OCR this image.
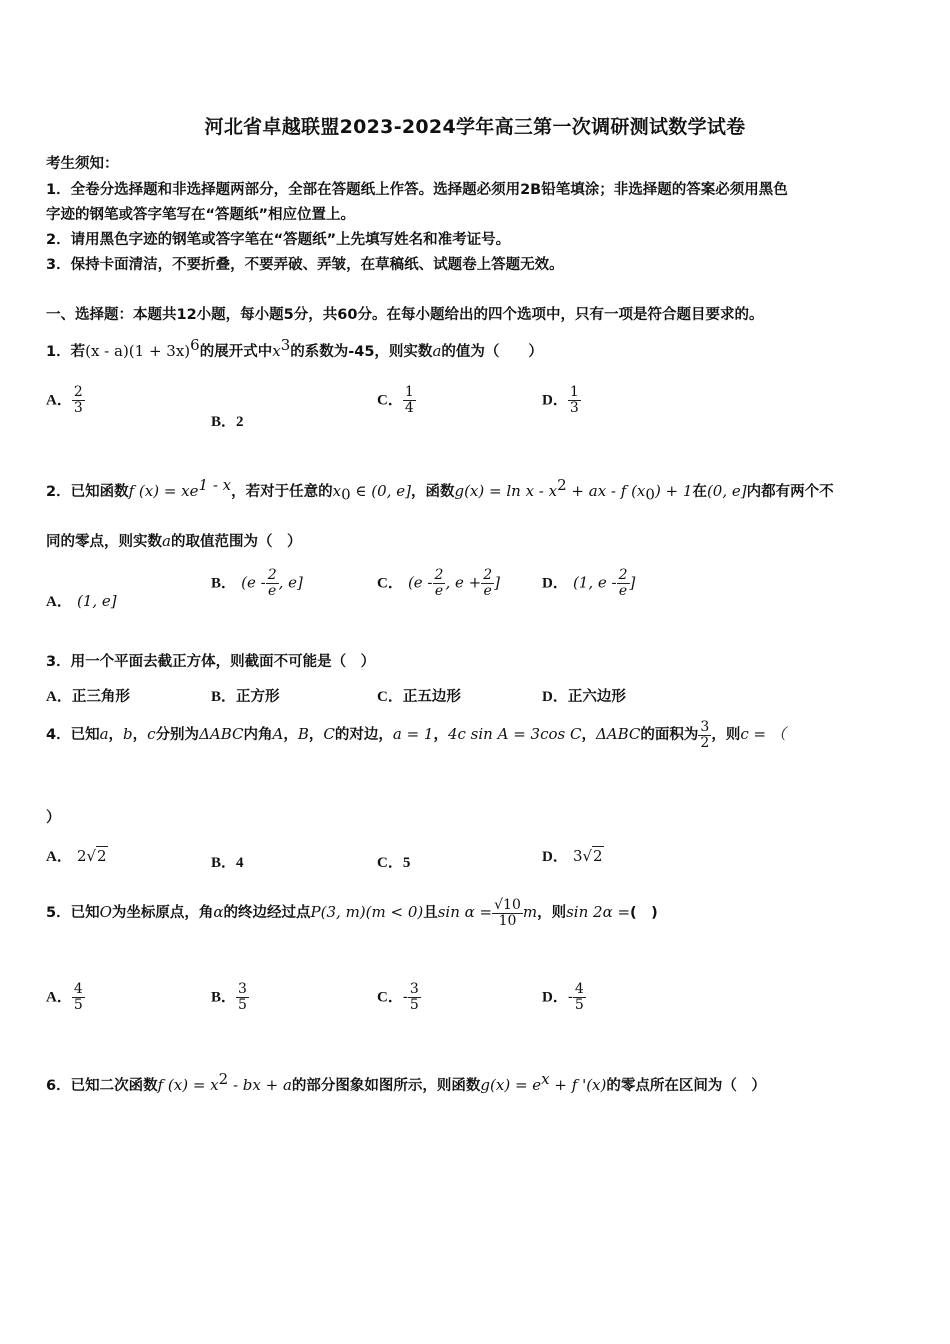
河北省卓越联盟2023-2024学年高三第一次调研测试数学试卷
考生须知：
1．全卷分选择题和非选择题两部分，全部在答题纸上作答。选择题必须用2B铅笔填涂；非选择题的答案必须用黑色
字迹的钢笔或答字笔写在“答题纸”相应位置上。
2．请用黑色字迹的钢笔或答字笔在“答题纸”上先填写姓名和准考证号。
3．保持卡面清洁，不要折叠，不要弄破、弄皱，在草稿纸、试题卷上答题无效。
一、选择题：本题共12小题，每小题5分，共60分。在每小题给出的四个选项中，只有一项是符合题目要求的。
1．若$(x - a)(1 + 3x)^6$的展开式中$x^3$的系数为-45，则实数a的值为（　　）
A． $\frac{2}{3}$
B．2
C． $\frac{1}{4}$	D． $\frac{1}{3}$
2．已知函数f $(x) = xe^{1 - x}$，若对于任意的$x_0$ ∈ (0, e]，函数$g(x) = \ln x - x^2$ + ax - f $(x_0) + 1$在(0, e]内都有两个不
同的零点，则实数a的取值范围为（　）
A． (1, e]
B． ($e - \frac{2}{e}$ , e]	C． ($e - \frac{2}{e}$ , $e + \frac{2}{e}$ ]	D． (1, e - $\frac{2}{e}$ ]
3．用一个平面去截正方体，则截面不可能是（　）
A．正三角形	B．正方形	C．正五边形	D．正六边形
4．已知a，b，c分别为ΔABC内角A，B，C的对边，a = 1，4c sin A = 3cos C，ΔABC的面积为 $\frac{3}{2}$ ，则c = （
）
A． 2√2	B．4	C．5	D． 3√2
5．已知O为坐标原点，角α的终边经过点P(3, m)(m < 0)且$\sin \alpha = \frac{√10}{10}$ m，则sin 2α =(　)
A． $\frac{4}{5}$	B． $\frac{3}{5}$	C．- $\frac{3}{5}$	D．- $\frac{4}{5}$
6．已知二次函数f $(x) = x^2$ - bx + a的部分图象如图所示，则函数$g(x) = e^x + f$ '(x)的零点所在区间为（　）
